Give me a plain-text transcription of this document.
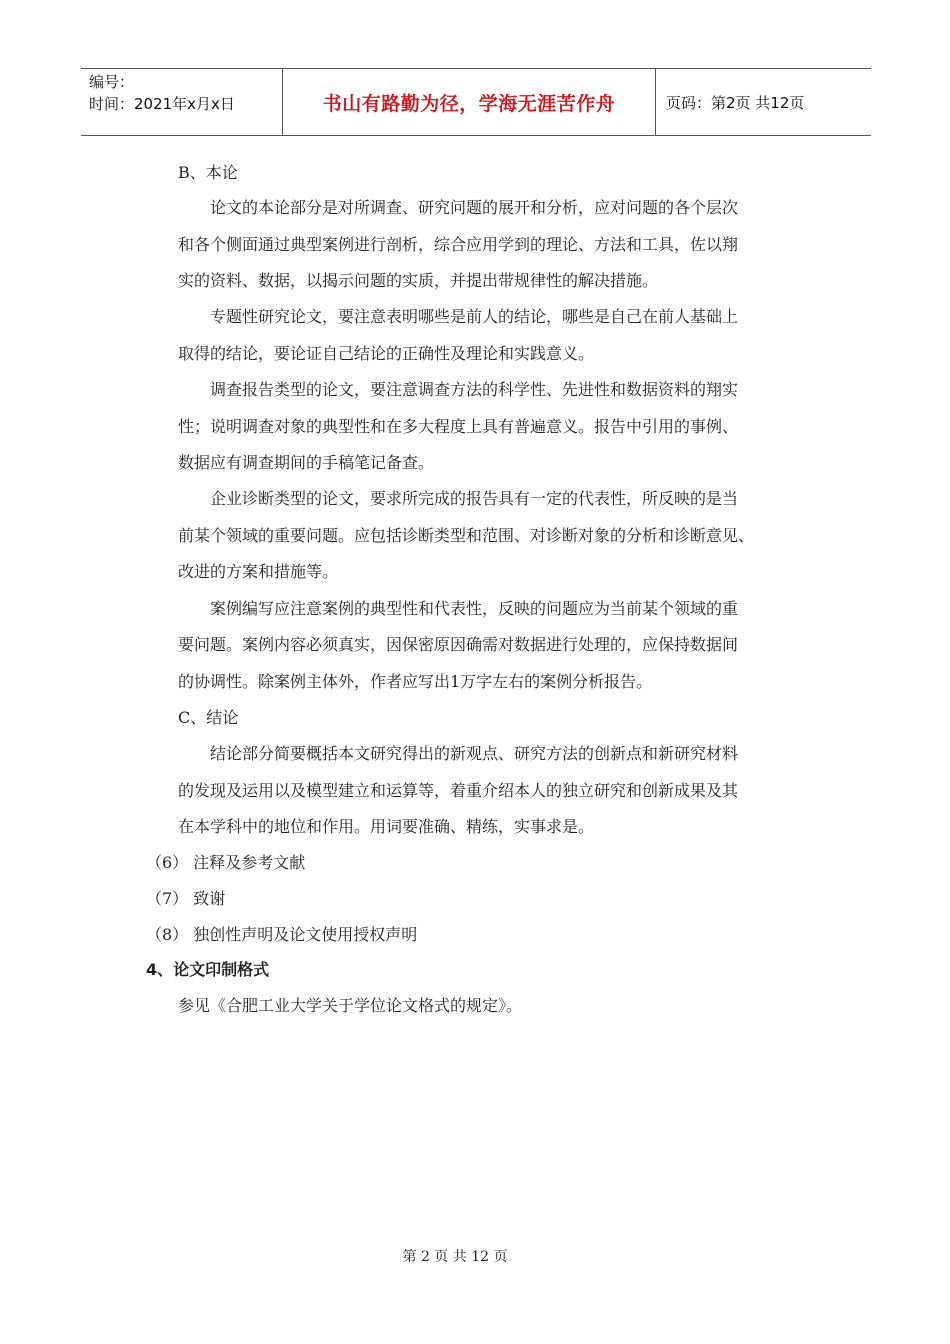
编号：
时间：2021年x月x日	书山有路勤为径，学海无涯苦作舟	页码：第2页 共12页
B、本论
论文的本论部分是对所调查、研究问题的展开和分析，应对问题的各个层次
和各个侧面通过典型案例进行剖析，综合应用学到的理论、方法和工具，佐以翔
实的资料、数据，以揭示问题的实质，并提出带规律性的解决措施。
专题性研究论文，要注意表明哪些是前人的结论，哪些是自己在前人基础上
取得的结论，要论证自己结论的正确性及理论和实践意义。
调查报告类型的论文，要注意调查方法的科学性、先进性和数据资料的翔实
性；说明调查对象的典型性和在多大程度上具有普遍意义。报告中引用的事例、
数据应有调查期间的手稿笔记备查。
企业诊断类型的论文，要求所完成的报告具有一定的代表性，所反映的是当
前某个领域的重要问题。应包括诊断类型和范围、对诊断对象的分析和诊断意见、
改进的方案和措施等。
案例编写应注意案例的典型性和代表性，反映的问题应为当前某个领域的重
要问题。案例内容必须真实，因保密原因确需对数据进行处理的，应保持数据间
的协调性。除案例主体外，作者应写出1万字左右的案例分析报告。
C、结论
结论部分简要概括本文研究得出的新观点、研究方法的创新点和新研究材料
的发现及运用以及模型建立和运算等，着重介绍本人的独立研究和创新成果及其
在本学科中的地位和作用。用词要准确、精练，实事求是。
（6） 注释及参考文献
（7） 致谢
（8） 独创性声明及论文使用授权声明
4、论文印制格式
参见《合肥工业大学关于学位论文格式的规定》。
第 2 页 共 12 页
